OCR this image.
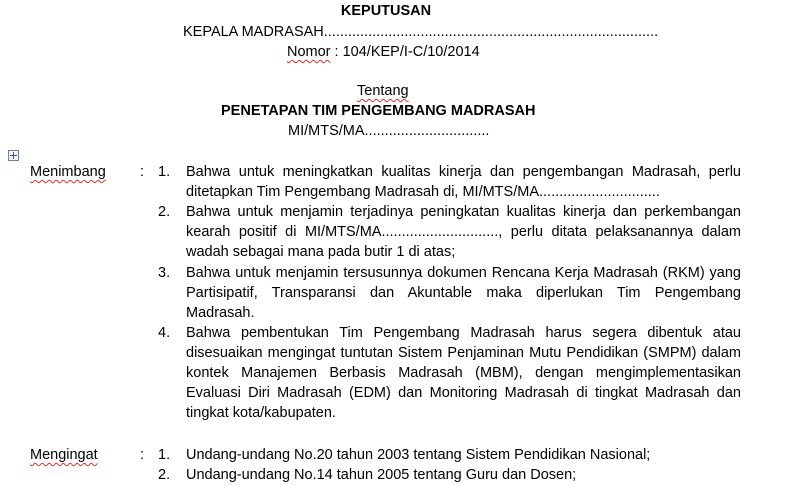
KEPUTUSAN
KEPALA MADRASAH...................................................................................
Nomor : 104/KEP/I-C/10/2014
Tentang
PENETAPAN TIM PENGEMBANG MADRASAH
MI/MTS/MA...............................
Menimbang : 1. Bahwa untuk meningkatkan kualitas kinerja dan pengembangan Madrasah, perlu
ditetapkan Tim Pengembang Madrasah di, MI/MTS/MA..............................
2. Bahwa untuk menjamin terjadinya peningkatan kualitas kinerja dan perkembangan
kearah positif di MI/MTS/MA............................., perlu ditata pelaksanannya dalam
wadah sebagai mana pada butir 1 di atas;
3. Bahwa untuk menjamin tersusunnya dokumen Rencana Kerja Madrasah (RKM) yang
Partisipatif, Transparansi dan Akuntable maka diperlukan Tim Pengembang
Madrasah.
4. Bahwa pembentukan Tim Pengembang Madrasah harus segera dibentuk atau
disesuaikan mengingat tuntutan Sistem Penjaminan Mutu Pendidikan (SMPM) dalam
kontek Manajemen Berbasis Madrasah (MBM), dengan mengimplementasikan
Evaluasi Diri Madrasah (EDM) dan Monitoring Madrasah di tingkat Madrasah dan
tingkat kota/kabupaten.
Mengingat	: 1. Undang-undang No.20 tahun 2003 tentang Sistem Pendidikan Nasional;
2. Undang-undang No.14 tahun 2005 tentang Guru dan Dosen;
